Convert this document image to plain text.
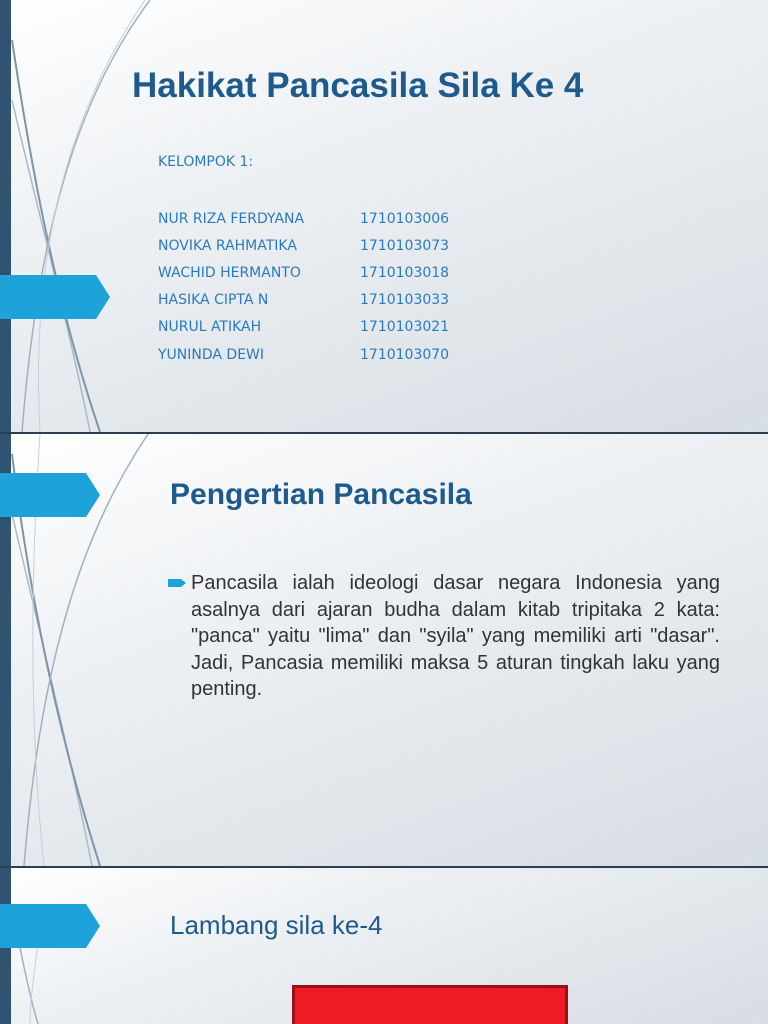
Hakikat Pancasila Sila Ke 4
KELOMPOK 1:
NUR RIZA FERDYANA	1710103006
NOVIKA RAHMATIKA	1710103073
WACHID HERMANTO	1710103018
HASIKA CIPTA N	1710103033
NURUL ATIKAH	1710103021
YUNINDA DEWI	1710103070
Pengertian Pancasila

Pancasila ialah ideologi dasar negara Indonesia yang asalnya dari ajaran budha dalam kitab tripitaka 2 kata: "panca" yaitu "lima" dan "syila" yang memiliki arti "dasar". Jadi, Pancasia memiliki maksa 5 aturan tingkah laku yang penting.

Lambang sila ke-4
